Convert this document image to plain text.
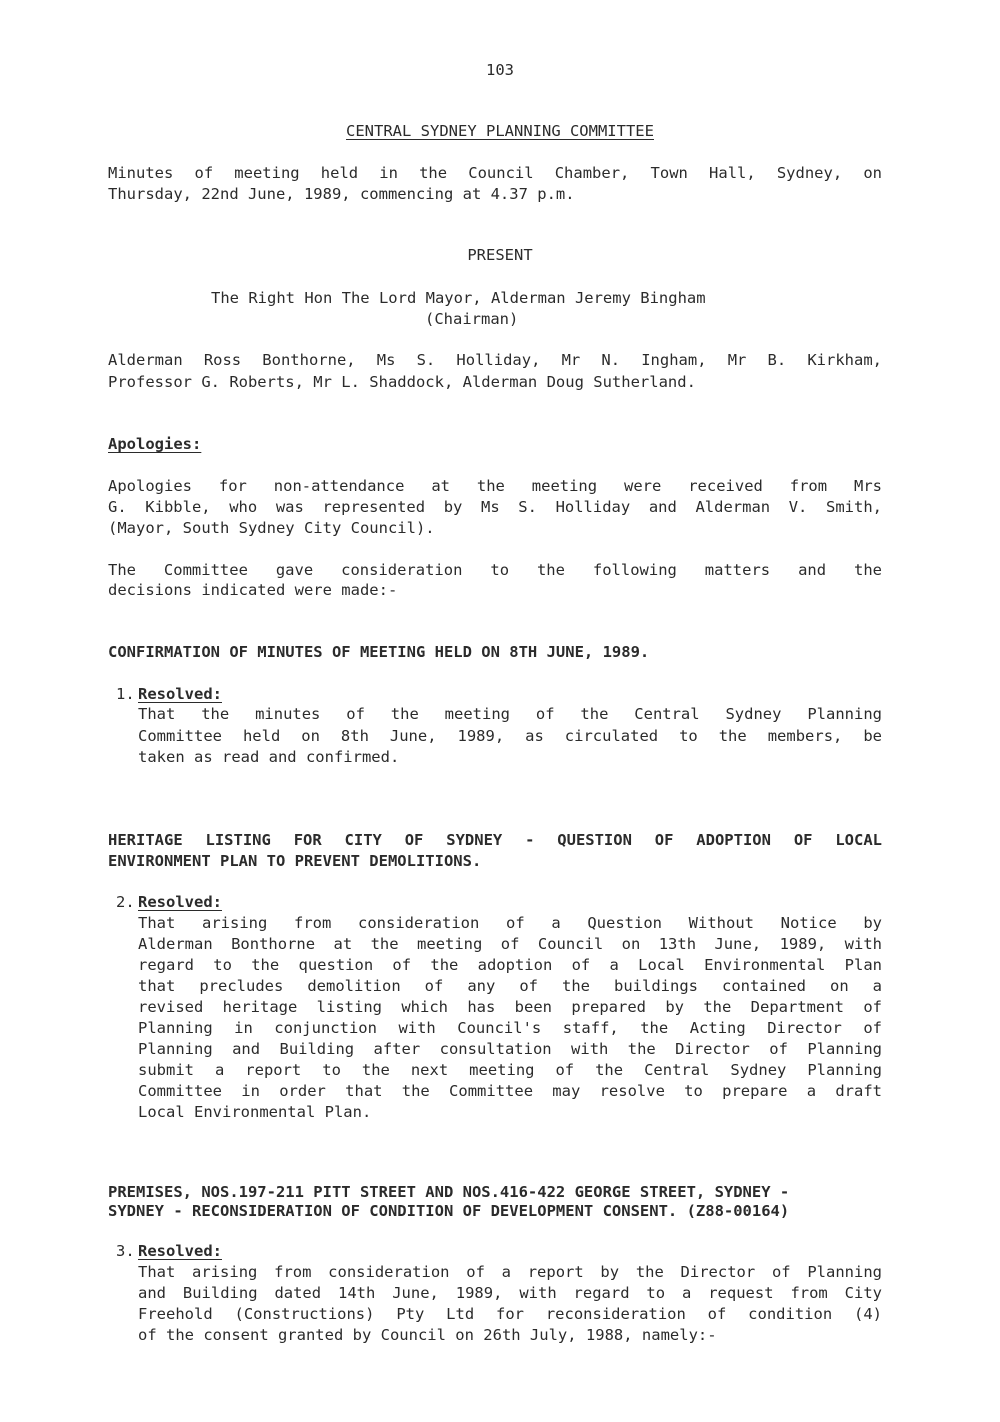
103
CENTRAL SYDNEY PLANNING COMMITTEE
Minutes of meeting held in the Council Chamber, Town Hall, Sydney, on
Thursday, 22nd June, 1989, commencing at 4.37 p.m.
PRESENT
The Right Hon The Lord Mayor, Alderman Jeremy Bingham
(Chairman)
Alderman Ross Bonthorne, Ms S. Holliday, Mr N. Ingham, Mr B. Kirkham,
Professor G. Roberts, Mr L. Shaddock, Alderman Doug Sutherland.
Apologies:
Apologies for non-attendance at the meeting were received from Mrs
G. Kibble, who was represented by Ms S. Holliday and Alderman V. Smith,
(Mayor, South Sydney City Council).
The Committee gave consideration to the following matters and the
decisions indicated were made:-
CONFIRMATION OF MINUTES OF MEETING HELD ON 8TH JUNE, 1989.
1. Resolved:
That the minutes of the meeting of the Central Sydney Planning
Committee held on 8th June, 1989, as circulated to the members, be
taken as read and confirmed.
HERITAGE LISTING FOR CITY OF SYDNEY - QUESTION OF ADOPTION OF LOCAL
ENVIRONMENT PLAN TO PREVENT DEMOLITIONS.
2. Resolved:
That arising from consideration of a Question Without Notice by
Alderman Bonthorne at the meeting of Council on 13th June, 1989, with
regard to the question of the adoption of a Local Environmental Plan
that precludes demolition of any of the buildings contained on a
revised heritage listing which has been prepared by the Department of
Planning in conjunction with Council's staff, the Acting Director of
Planning and Building after consultation with the Director of Planning
submit a report to the next meeting of the Central Sydney Planning
Committee in order that the Committee may resolve to prepare a draft
Local Environmental Plan.
PREMISES, NOS.197-211 PITT STREET AND NOS.416-422 GEORGE STREET, SYDNEY -
SYDNEY - RECONSIDERATION OF CONDITION OF DEVELOPMENT CONSENT. (Z88-00164)
3. Resolved:
That arising from consideration of a report by the Director of Planning
and Building dated 14th June, 1989, with regard to a request from City
Freehold (Constructions) Pty Ltd for reconsideration of condition (4)
of the consent granted by Council on 26th July, 1988, namely:-
